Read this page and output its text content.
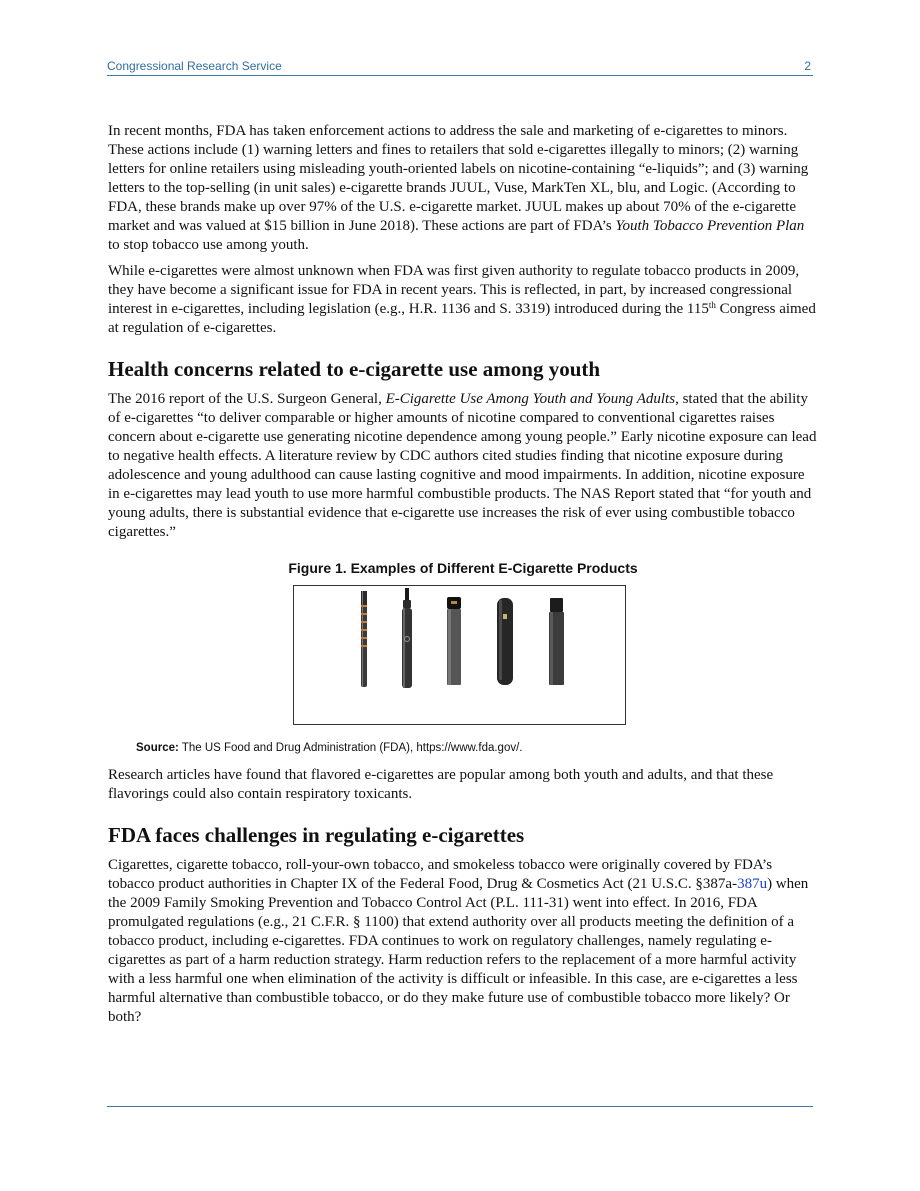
Congressional Research Service	2

In recent months, FDA has taken enforcement actions to address the sale and marketing of e-cigarettes to minors. These actions include (1) warning letters and fines to retailers that sold e-cigarettes illegally to minors; (2) warning letters for online retailers using misleading youth-oriented labels on nicotine-containing “e-liquids”; and (3) warning letters to the top-selling (in unit sales) e-cigarette brands JUUL, Vuse, MarkTen XL, blu, and Logic. (According to FDA, these brands make up over 97% of the U.S. e-cigarette market. JUUL makes up about 70% of the e-cigarette market and was valued at $15 billion in June 2018). These actions are part of FDA’s Youth Tobacco Prevention Plan to stop tobacco use among youth.

While e-cigarettes were almost unknown when FDA was first given authority to regulate tobacco products in 2009, they have become a significant issue for FDA in recent years. This is reflected, in part, by increased congressional interest in e-cigarettes, including legislation (e.g., H.R. 1136 and S. 3319) introduced during the 115th Congress aimed at regulation of e-cigarettes.

Health concerns related to e-cigarette use among youth

The 2016 report of the U.S. Surgeon General, E-Cigarette Use Among Youth and Young Adults, stated that the ability of e-cigarettes “to deliver comparable or higher amounts of nicotine compared to conventional cigarettes raises concern about e-cigarette use generating nicotine dependence among young people.” Early nicotine exposure can lead to negative health effects. A literature review by CDC authors cited studies finding that nicotine exposure during adolescence and young adulthood can cause lasting cognitive and mood impairments. In addition, nicotine exposure in e-cigarettes may lead youth to use more harmful combustible products. The NAS Report stated that “for youth and young adults, there is substantial evidence that e-cigarette use increases the risk of ever using combustible tobacco cigarettes.”

Figure 1. Examples of Different E-Cigarette Products
Source: The US Food and Drug Administration (FDA), https://www.fda.gov/.

Research articles have found that flavored e-cigarettes are popular among both youth and adults, and that these flavorings could also contain respiratory toxicants.

FDA faces challenges in regulating e-cigarettes

Cigarettes, cigarette tobacco, roll-your-own tobacco, and smokeless tobacco were originally covered by FDA’s tobacco product authorities in Chapter IX of the Federal Food, Drug & Cosmetics Act (21 U.S.C. §387a-387u) when the 2009 Family Smoking Prevention and Tobacco Control Act (P.L. 111-31) went into effect. In 2016, FDA promulgated regulations (e.g., 21 C.F.R. § 1100) that extend authority over all products meeting the definition of a tobacco product, including e-cigarettes. FDA continues to work on regulatory challenges, namely regulating e-cigarettes as part of a harm reduction strategy. Harm reduction refers to the replacement of a more harmful activity with a less harmful one when elimination of the activity is difficult or infeasible. In this case, are e-cigarettes a less harmful alternative than combustible tobacco, or do they make future use of combustible tobacco more likely? Or both?
